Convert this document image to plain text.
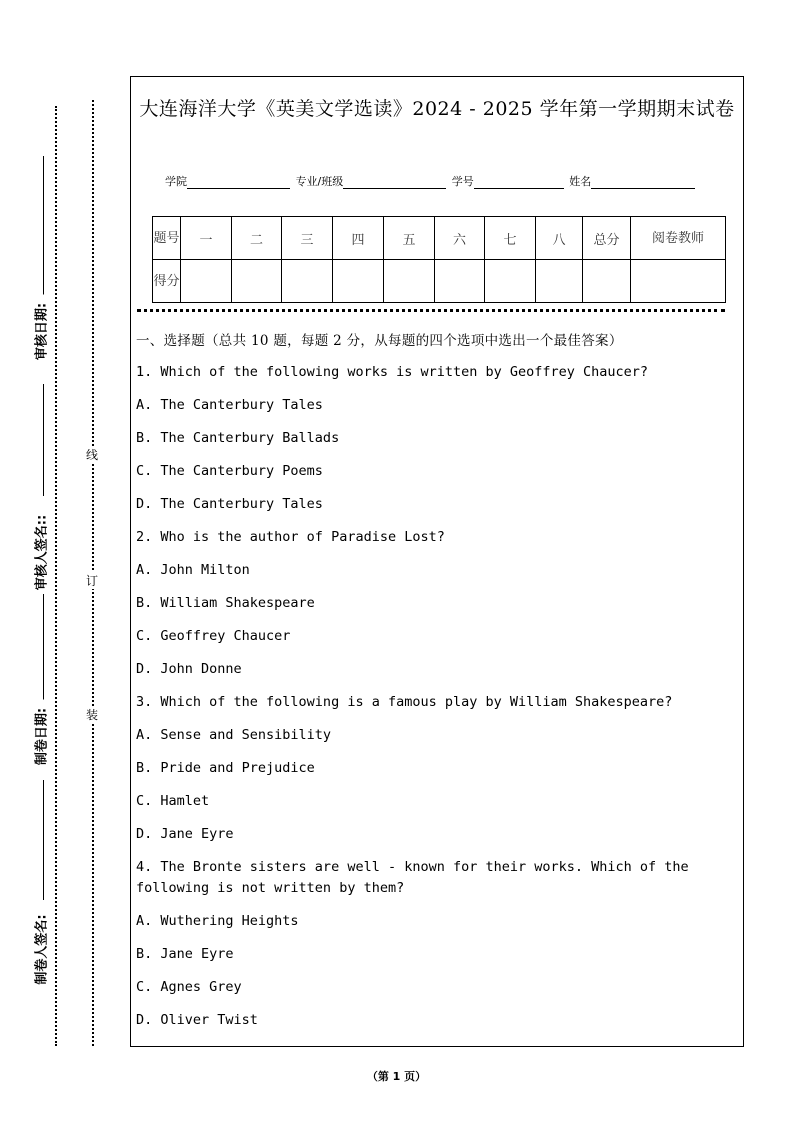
审核日期:
审核人签名::
制卷日期:
制卷人签名:
线
订
装
大连海洋大学《英美文学选读》2024 - 2025 学年第一学期期末试卷
学院	专业/班级	学号	姓名
题号	一	二	三	四	五	六	七	八	总分	阅卷教师
得分										
一、选择题（总共 10 题，每题 2 分，从每题的四个选项中选出一个最佳答案）
1. Which of the following works is written by Geoffrey Chaucer?
A. The Canterbury Tales
B. The Canterbury Ballads
C. The Canterbury Poems
D. The Canterbury Tales
2. Who is the author of Paradise Lost?
A. John Milton
B. William Shakespeare
C. Geoffrey Chaucer
D. John Donne
3. Which of the following is a famous play by William Shakespeare?
A. Sense and Sensibility
B. Pride and Prejudice
C. Hamlet
D. Jane Eyre
4. The Bronte sisters are well - known for their works. Which of the following is not written by them?
A. Wuthering Heights
B. Jane Eyre
C. Agnes Grey
D. Oliver Twist
（第 1 页）
